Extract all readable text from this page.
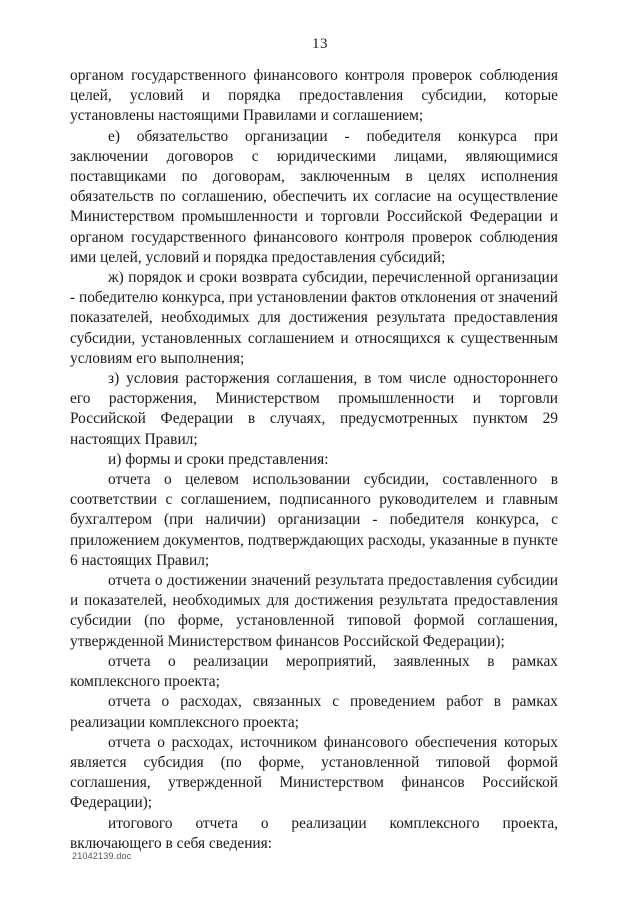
13

органом государственного финансового контроля проверок соблюдения целей, условий и порядка предоставления субсидии, которые установлены настоящими Правилами и соглашением;

е) обязательство организации - победителя конкурса при заключении договоров с юридическими лицами, являющимися поставщиками по договорам, заключенным в целях исполнения обязательств по соглашению, обеспечить их согласие на осуществление Министерством промышленности и торговли Российской Федерации и органом государственного финансового контроля проверок соблюдения ими целей, условий и порядка предоставления субсидий;

ж) порядок и сроки возврата субсидии, перечисленной организации - победителю конкурса, при установлении фактов отклонения от значений показателей, необходимых для достижения результата предоставления субсидии, установленных соглашением и относящихся к существенным условиям его выполнения;

з) условия расторжения соглашения, в том числе одностороннего его расторжения, Министерством промышленности и торговли Российской Федерации в случаях, предусмотренных пунктом 29 настоящих Правил;

и) формы и сроки представления:

отчета о целевом использовании субсидии, составленного в соответствии с соглашением, подписанного руководителем и главным бухгалтером (при наличии) организации - победителя конкурса, с приложением документов, подтверждающих расходы, указанные в пункте 6 настоящих Правил;

отчета о достижении значений результата предоставления субсидии и показателей, необходимых для достижения результата предоставления субсидии (по форме, установленной типовой формой соглашения, утвержденной Министерством финансов Российской Федерации);

отчета о реализации мероприятий, заявленных в рамках комплексного проекта;

отчета о расходах, связанных с проведением работ в рамках реализации комплексного проекта;

отчета о расходах, источником финансового обеспечения которых является субсидия (по форме, установленной типовой формой соглашения, утвержденной Министерством финансов Российской Федерации);

итогового отчета о реализации комплексного проекта, включающего в себя сведения:

21042139.doc
